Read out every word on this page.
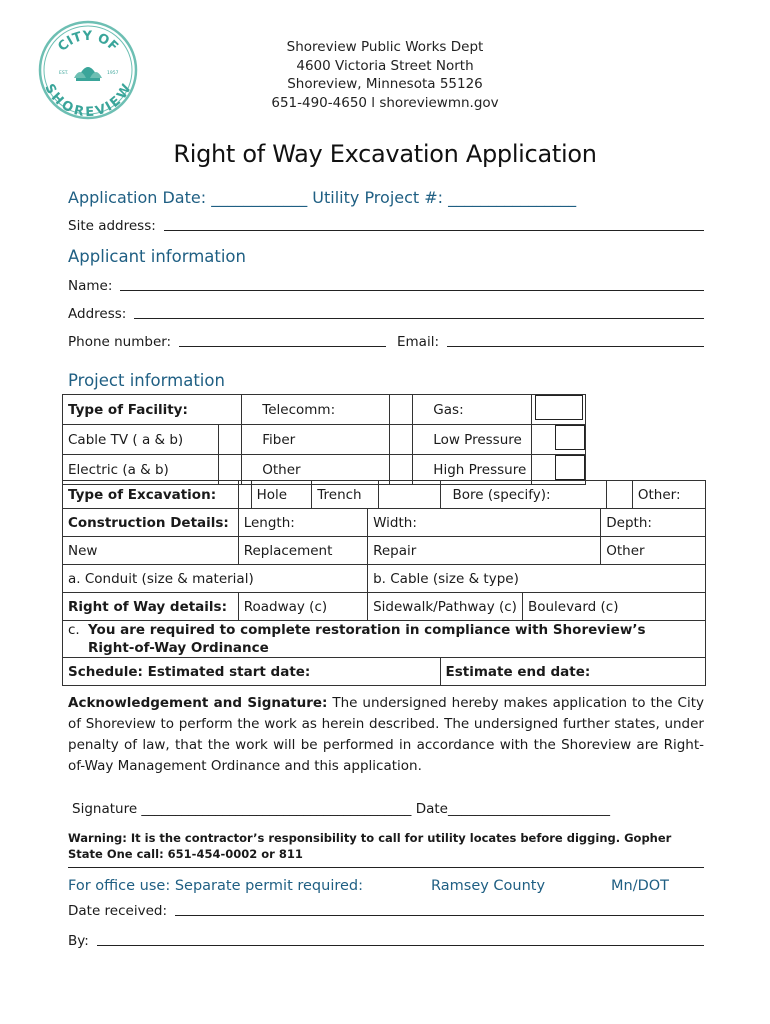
CITY OF
SHOREVIEW
EST.	1957
Shoreview Public Works Dept
4600 Victoria Street North
Shoreview, Minnesota 55126
651-490-4650 l shoreviewmn.gov
Right of Way Excavation Application
Application Date: ____________ Utility Project #: ________________
Site address:
Applicant information
Name:
Address:
Phone number:	Email:
Project information
Type of Facility:		Telecomm:		Gas:	
Cable TV ( a & b)		Fiber		Low Pressure	
Electric (a & b)		Other		High Pressure	
Type of Excavation:		Hole	Trench			Bore (specify):				Other:
Construction Details:	Length:			Width:				Depth:		
New	Replacement			Repair				Other		
a. Conduit (size & material)				b. Cable (size & type)						
Right of Way details:	Roadway (c)			Sidewalk/Pathway (c)			Boulevard (c)			
c. You are required to complete restoration in compliance with Shoreview’s Right-of-Way Ordinance										
Schedule: Estimated start date:						Estimate end date:				
Acknowledgement and Signature: The undersigned hereby makes application to the City of Shoreview to perform the work as herein described. The undersigned further states, under penalty of law, that the work will be performed in accordance with the Shoreview are Right-of-Way Management Ordinance and this application.
Signature ________________________________________ Date________________________
Warning: It is the contractor’s responsibility to call for utility locates before digging. Gopher State One call: 651-454-0002 or 811
For office use: Separate permit required:	Ramsey County	Mn/DOT
Date received:
By:
